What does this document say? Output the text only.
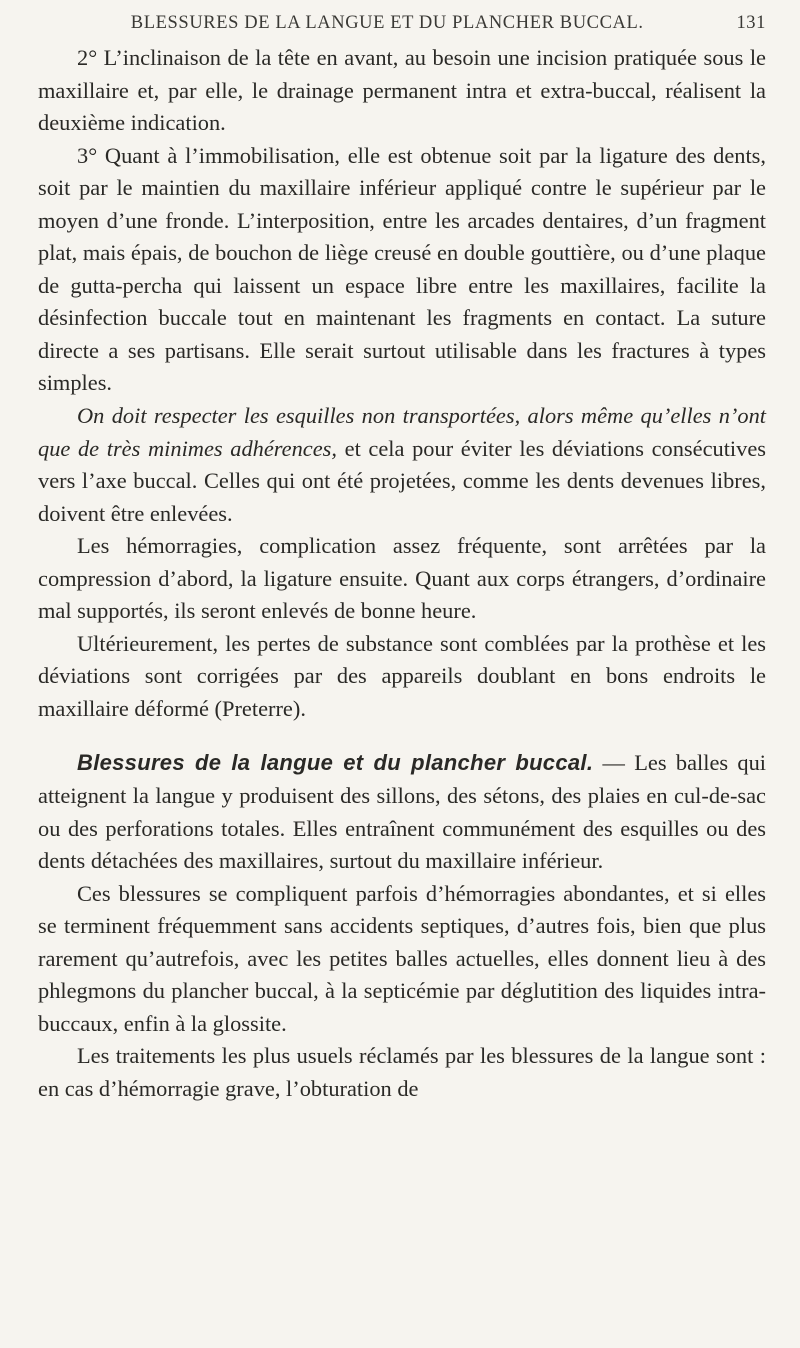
BLESSURES DE LA LANGUE ET DU PLANCHER BUCCAL.	131

2° L’inclinaison de la tête en avant, au besoin une incision pratiquée sous le maxillaire et, par elle, le drainage permanent intra et extra-buccal, réalisent la deuxième indication.

3° Quant à l’immobilisation, elle est obtenue soit par la ligature des dents, soit par le maintien du maxillaire inférieur appliqué contre le supérieur par le moyen d’une fronde. L’interposition, entre les arcades dentaires, d’un fragment plat, mais épais, de bouchon de liège creusé en double gouttière, ou d’une plaque de gutta-percha qui laissent un espace libre entre les maxillaires, facilite la désinfection buccale tout en maintenant les fragments en contact. La suture directe a ses partisans. Elle serait surtout utilisable dans les fractures à types simples.

On doit respecter les esquilles non transportées, alors même qu’elles n’ont que de très minimes adhérences, et cela pour éviter les déviations consécutives vers l’axe buccal. Celles qui ont été projetées, comme les dents devenues libres, doivent être enlevées.

Les hémorragies, complication assez fréquente, sont arrêtées par la compression d’abord, la ligature ensuite. Quant aux corps étrangers, d’ordinaire mal supportés, ils seront enlevés de bonne heure.

Ultérieurement, les pertes de substance sont comblées par la prothèse et les déviations sont corrigées par des appareils doublant en bons endroits le maxillaire déformé (Preterre).

Blessures de la langue et du plancher buccal. — Les balles qui atteignent la langue y produisent des sillons, des sétons, des plaies en cul-de-sac ou des perforations totales. Elles entraînent communément des esquilles ou des dents détachées des maxillaires, surtout du maxillaire inférieur.

Ces blessures se compliquent parfois d’hémorragies abondantes, et si elles se terminent fréquemment sans accidents septiques, d’autres fois, bien que plus rarement qu’autrefois, avec les petites balles actuelles, elles donnent lieu à des phlegmons du plancher buccal, à la septicémie par déglutition des liquides intra-buccaux, enfin à la glossite.

Les traitements les plus usuels réclamés par les blessures de la langue sont : en cas d’hémorragie grave, l’obturation de
